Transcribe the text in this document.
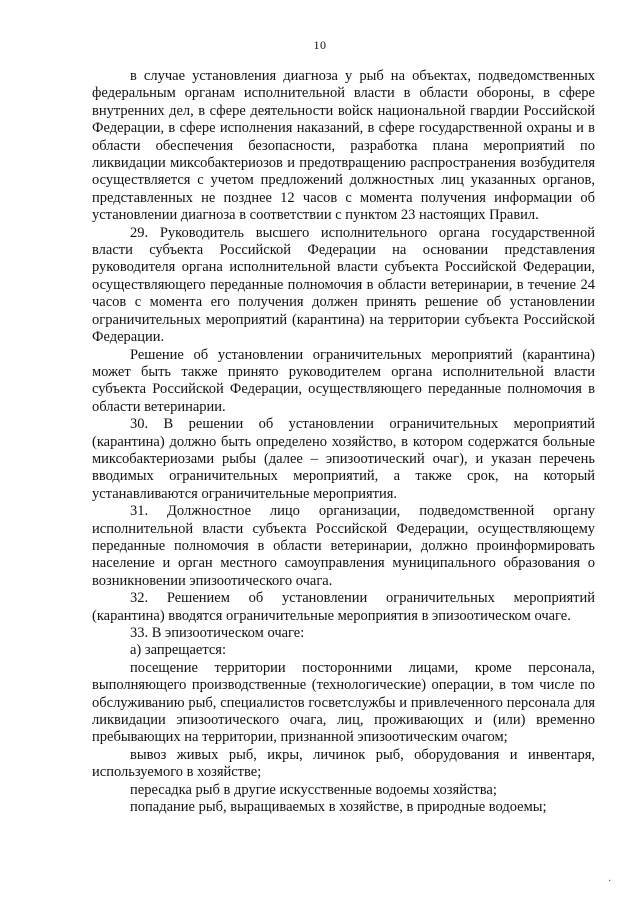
10

в случае установления диагноза у рыб на объектах, подведомственных федеральным органам исполнительной власти в области обороны, в сфере внутренних дел, в сфере деятельности войск национальной гвардии Российской Федерации, в сфере исполнения наказаний, в сфере государственной охраны и в области обеспечения безопасности, разработка плана мероприятий по ликвидации миксобактериозов и предотвращению распространения возбудителя осуществляется с учетом предложений должностных лиц указанных органов, представленных не позднее 12 часов с момента получения информации об установлении диагноза в соответствии с пунктом 23 настоящих Правил.

29. Руководитель высшего исполнительного органа государственной власти субъекта Российской Федерации на основании представления руководителя органа исполнительной власти субъекта Российской Федерации, осуществляющего переданные полномочия в области ветеринарии, в течение 24 часов с момента его получения должен принять решение об установлении ограничительных мероприятий (карантина) на территории субъекта Российской Федерации.

Решение об установлении ограничительных мероприятий (карантина) может быть также принято руководителем органа исполнительной власти субъекта Российской Федерации, осуществляющего переданные полномочия в области ветеринарии.

30. В решении об установлении ограничительных мероприятий (карантина) должно быть определено хозяйство, в котором содержатся больные миксобактериозами рыбы (далее – эпизоотический очаг), и указан перечень вводимых ограничительных мероприятий, а также срок, на который устанавливаются ограничительные мероприятия.

31. Должностное лицо организации, подведомственной органу исполнительной власти субъекта Российской Федерации, осуществляющему переданные полномочия в области ветеринарии, должно проинформировать население и орган местного самоуправления муниципального образования о возникновении эпизоотического очага.

32. Решением об установлении ограничительных мероприятий (карантина) вводятся ограничительные мероприятия в эпизоотическом очаге.

33. В эпизоотическом очаге:

а) запрещается:

посещение территории посторонними лицами, кроме персонала, выполняющего производственные (технологические) операции, в том числе по обслуживанию рыб, специалистов госветслужбы и привлеченного персонала для ликвидации эпизоотического очага, лиц, проживающих и (или) временно пребывающих на территории, признанной эпизоотическим очагом;

вывоз живых рыб, икры, личинок рыб, оборудования и инвентаря, используемого в хозяйстве;

пересадка рыб в другие искусственные водоемы хозяйства;

попадание рыб, выращиваемых в хозяйстве, в природные водоемы;

·
